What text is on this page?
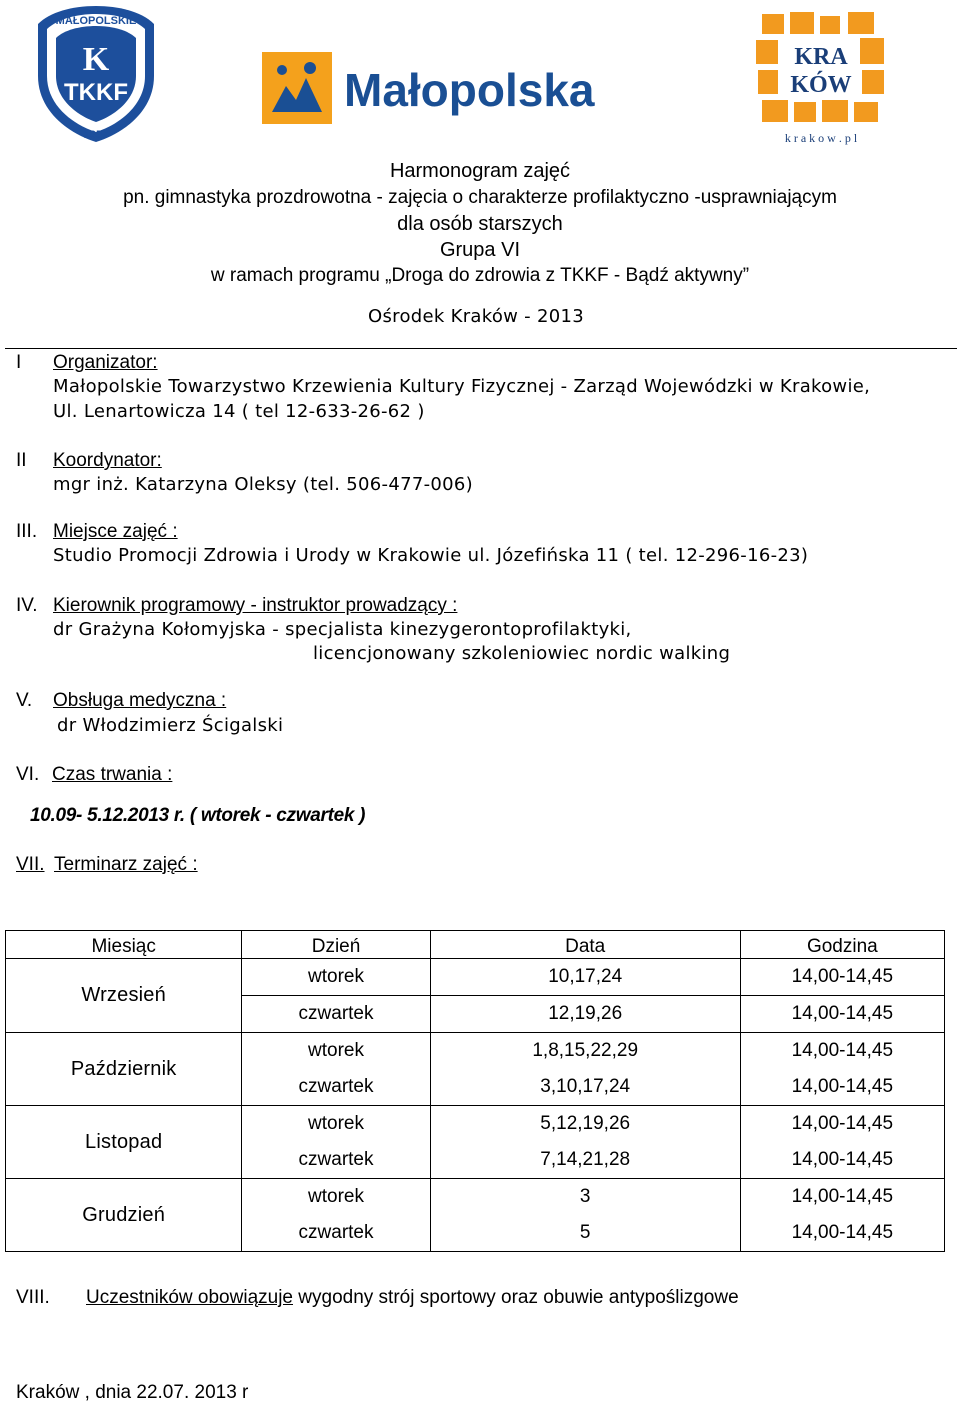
MAŁOPOLSKIE
K
TKKF
1957
Małopolska
KRA
KÓW
k r a k o w . p l
Harmonogram zajęć
pn. gimnastyka prozdrowotna - zajęcia o charakterze profilaktyczno -usprawniającym
dla osób starszych
Grupa VI
w ramach programu „Droga do zdrowia z TKKF - Bądź aktywny”
Ośrodek Kraków - 2013
I Organizator:
Małopolskie Towarzystwo Krzewienia Kultury Fizycznej - Zarząd Wojewódzki w Krakowie,
Ul. Lenartowicza 14 ( tel 12-633-26-62 )
II Koordynator:
mgr inż. Katarzyna Oleksy (tel. 506-477-006)
III. Miejsce zajęć :
Studio Promocji Zdrowia i Urody w Krakowie ul. Józefińska 11 ( tel. 12-296-16-23)
IV. Kierownik programowy - instruktor prowadzący :
dr Grażyna Kołomyjska - specjalista kinezygerontoprofilaktyki,
licencjonowany szkoleniowiec nordic walking
V. Obsługa medyczna :
dr Włodzimierz Ścigalski
VI. Czas trwania :
10.09- 5.12.2013 r. ( wtorek - czwartek )
VII. Terminarz zajęć :
Miesiąc	Dzień	Data	Godzina
Wrzesień	wtorek	10,17,24	14,00-14,45
	czwartek	12,19,26	14,00-14,45
Październik	wtorek	1,8,15,22,29	14,00-14,45
	czwartek	3,10,17,24	14,00-14,45
Listopad	wtorek	5,12,19,26	14,00-14,45
	czwartek	7,14,21,28	14,00-14,45
Grudzień	wtorek	3	14,00-14,45
	czwartek	5	14,00-14,45
VIII. Uczestników obowiązuje wygodny strój sportowy oraz obuwie antypoślizgowe
Kraków , dnia 22.07. 2013 r
